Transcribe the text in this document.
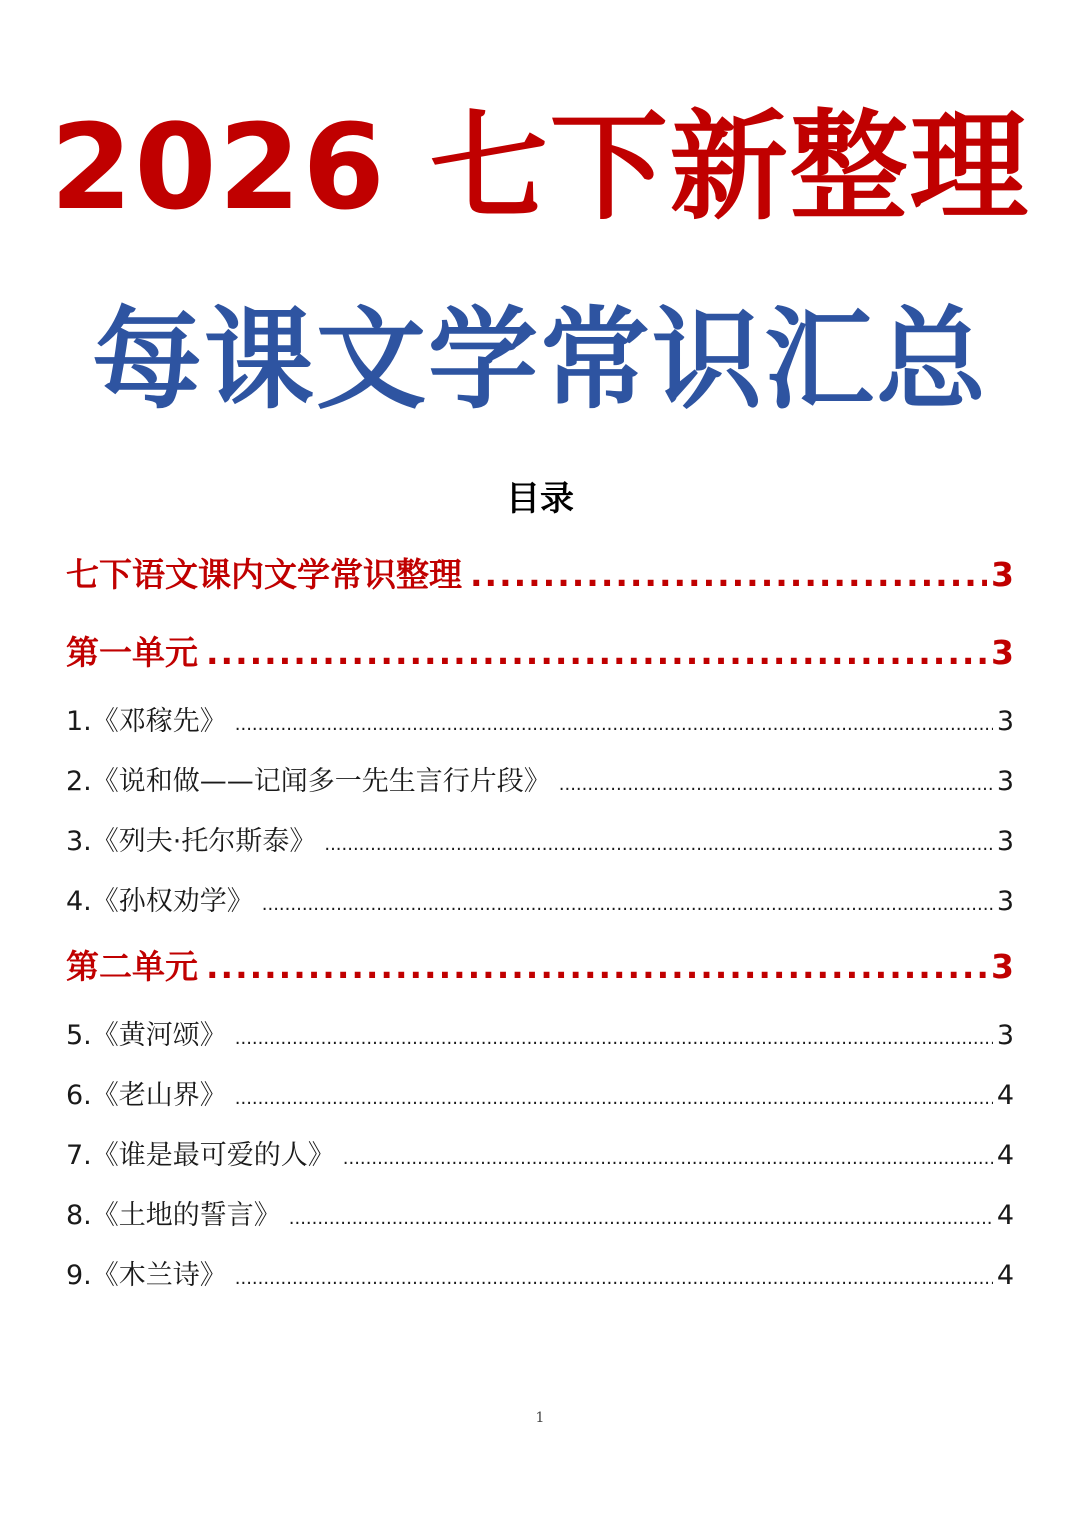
2026 七下新整理
每课文学常识汇总
目录
七下语文课内文学常识整理 .....	3
第一单元 .....	3
1.《邓稼先》 .....	3
2.《说和做——记闻多一先生言行片段》 .....	3
3.《列夫·托尔斯泰》 .....	3
4.《孙权劝学》 .....	3
第二单元 .....	3
5.《黄河颂》 .....	3
6.《老山界》 .....	4
7.《谁是最可爱的人》 .....	4
8.《土地的誓言》 .....	4
9.《木兰诗》 .....	4
1
